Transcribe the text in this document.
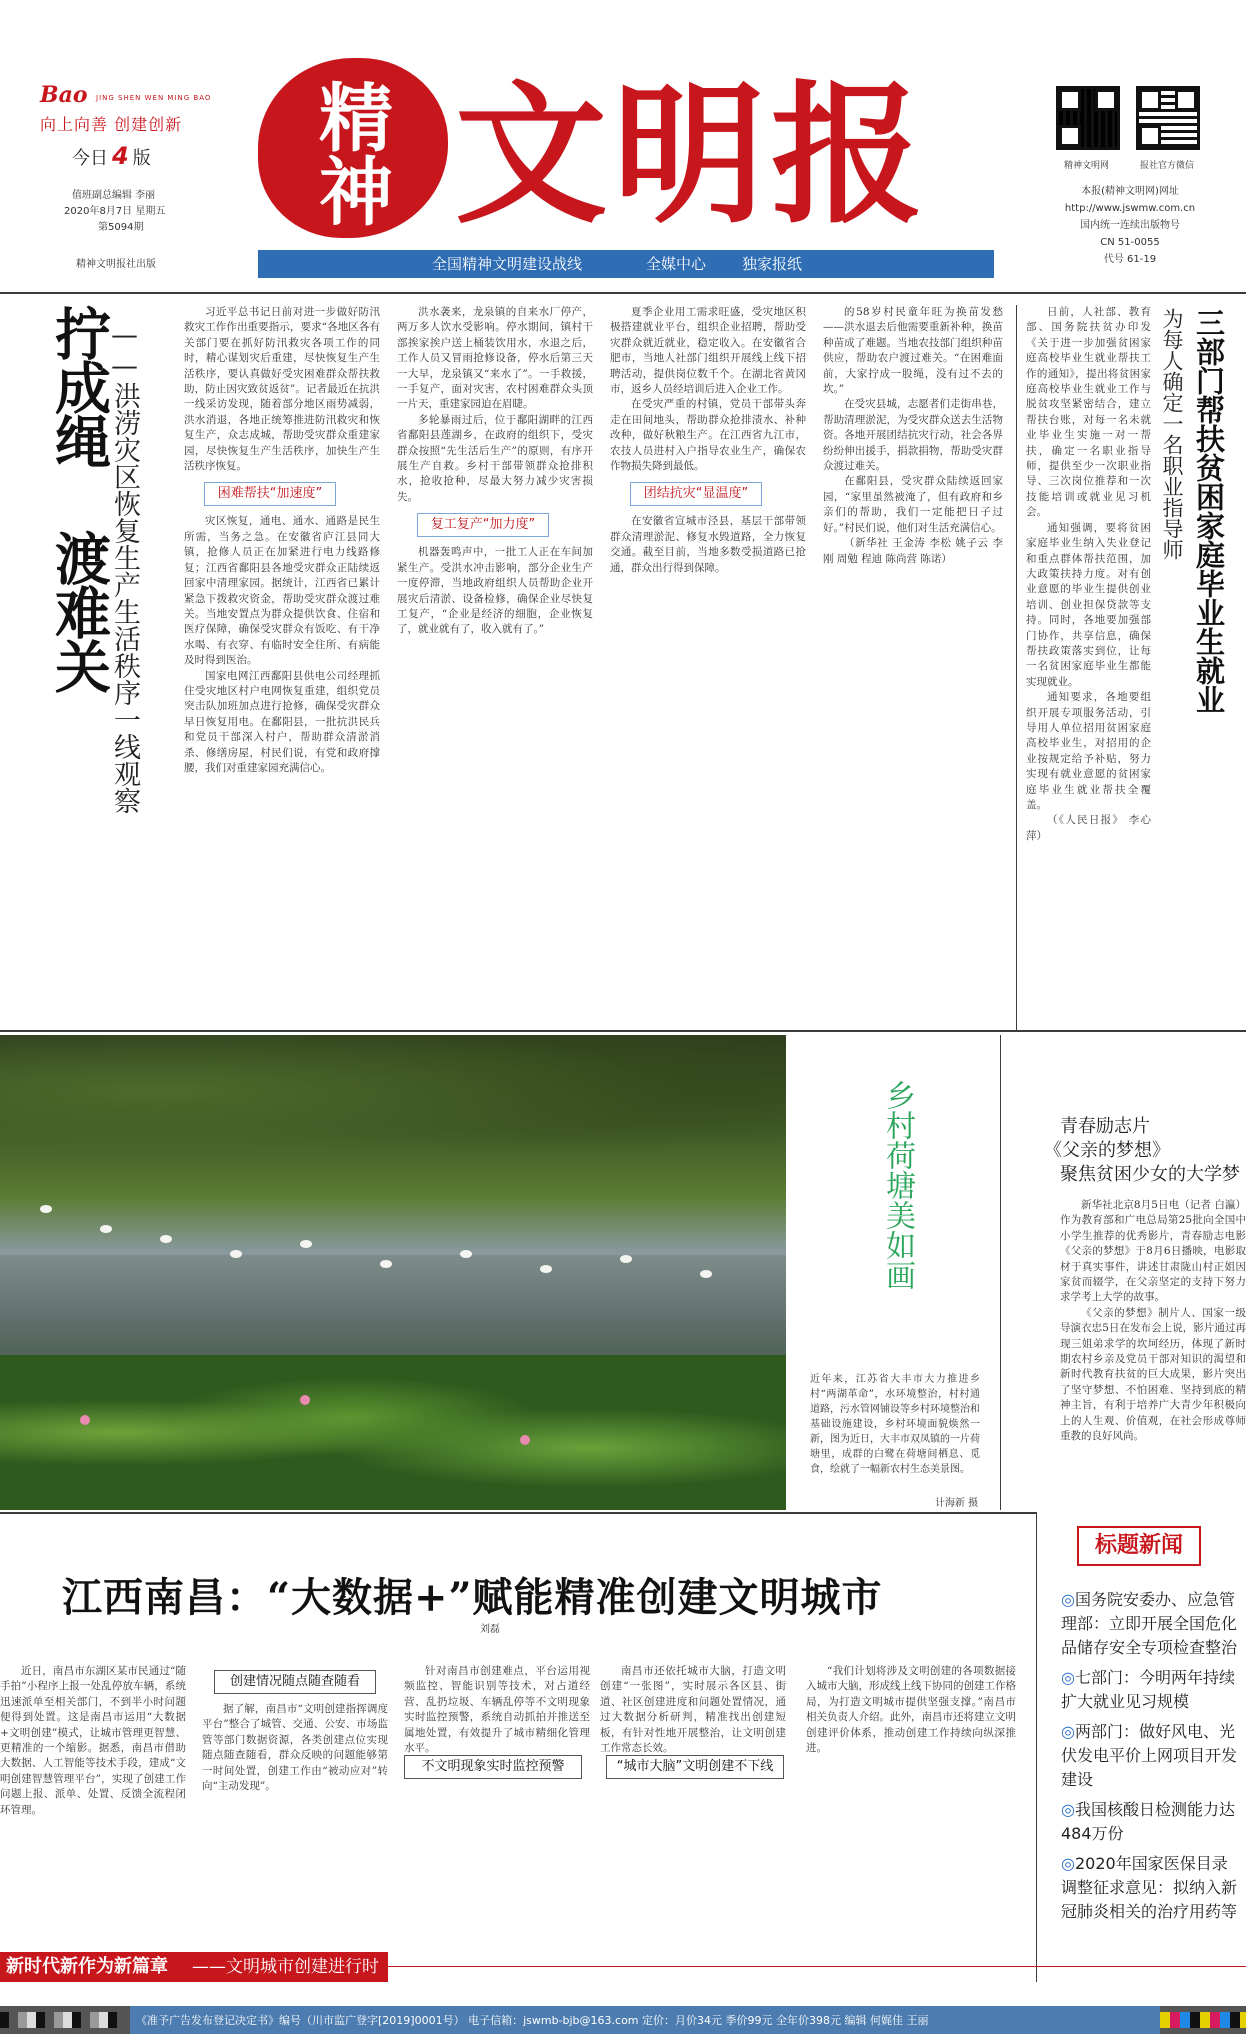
Bao JING SHEN WEN MING BAO
向上向善 创建创新
今日 4 版
值班副总编辑 李丽
2020年8月7日 星期五
第5094期
精神文明报社出版
精神 文明报	精神文明网	报社官方微信
本报(精神文明网)网址
http://www.jswmw.com.cn
国内统一连续出版物号
CN 51-0055
代号 61-19
全国精神文明建设战线	全媒中心 独家报纸
拧成绳 渡难关
——洪涝灾区恢复生产生活秩序一线观察

习近平总书记日前对进一步做好防汛救灾工作作出重要指示，要求“各地区各有关部门要在抓好防汛救灾各项工作的同时，精心谋划灾后重建，尽快恢复生产生活秩序，要认真做好受灾困难群众帮扶救助，防止因灾致贫返贫”。记者最近在抗洪一线采访发现，随着部分地区雨势减弱，洪水消退，各地正统筹推进防汛救灾和恢复生产，众志成城，帮助受灾群众重建家园，尽快恢复生产生活秩序，加快生产生活秩序恢复。

困难帮扶“加速度”

灾区恢复，通电、通水、通路是民生所需，当务之急。在安徽省庐江县同大镇，抢修人员正在加紧进行电力线路修复；江西省鄱阳县各地受灾群众正陆续返回家中清理家园。据统计，江西省已累计紧急下拨救灾资金，帮助受灾群众渡过难关。当地安置点为群众提供饮食、住宿和医疗保障，确保受灾群众有饭吃、有干净水喝、有衣穿、有临时安全住所、有病能及时得到医治。

国家电网江西鄱阳县供电公司经理抓住受灾地区村户电网恢复重建，组织党员突击队加班加点进行抢修，确保受灾群众早日恢复用电。在鄱阳县，一批抗洪民兵和党员干部深入村户，帮助群众清淤消杀、修缮房屋，村民们说，有党和政府撑腰，我们对重建家园充满信心。

洪水袭来，龙泉镇的自来水厂停产，两万多人饮水受影响。停水期间，镇村干部挨家挨户送上桶装饮用水，水退之后，工作人员又冒雨抢修设备，停水后第三天一大早，龙泉镇又“来水了”。一手救援，一手复产，面对灾害，农村困难群众头顶一片天，重建家园迫在眉睫。

多轮暴雨过后，位于鄱阳湖畔的江西省鄱阳县莲湖乡，在政府的组织下，受灾群众按照“先生活后生产”的原则，有序开展生产自救。乡村干部带领群众抢排积水，抢收抢种，尽最大努力减少灾害损失。

复工复产“加力度”

机器轰鸣声中，一批工人正在车间加紧生产。受洪水冲击影响，部分企业生产一度停滞，当地政府组织人员帮助企业开展灾后清淤、设备检修，确保企业尽快复工复产，“企业是经济的细胞，企业恢复了，就业就有了，收入就有了。”

夏季企业用工需求旺盛，受灾地区积极搭建就业平台，组织企业招聘，帮助受灾群众就近就业，稳定收入。在安徽省合肥市，当地人社部门组织开展线上线下招聘活动，提供岗位数千个。在湖北省黄冈市，返乡人员经培训后进入企业工作。

在受灾严重的村镇，党员干部带头奔走在田间地头，帮助群众抢排渍水、补种改种，做好秋粮生产。在江西省九江市，农技人员进村入户指导农业生产，确保农作物损失降到最低。

团结抗灾“显温度”

在安徽省宣城市泾县，基层干部带领群众清理淤泥、修复水毁道路，全力恢复交通。截至目前，当地多数受损道路已抢通，群众出行得到保障。

的58岁村民童年旺为换苗发愁——洪水退去后他需要重新补种，换苗种苗成了难题。当地农技部门组织种苗供应，帮助农户渡过难关。“在困难面前，大家拧成一股绳，没有过不去的坎。”

在受灾县城，志愿者们走街串巷，帮助清理淤泥，为受灾群众送去生活物资。各地开展团结抗灾行动，社会各界纷纷伸出援手，捐款捐物，帮助受灾群众渡过难关。

在鄱阳县，受灾群众陆续返回家园，“家里虽然被淹了，但有政府和乡亲们的帮助，我们一定能把日子过好。”村民们说，他们对生活充满信心。

（新华社 王金涛 李松 姚子云 李刚 周勉 程迪 陈尚营 陈诺）

日前，人社部、教育部、国务院扶贫办印发《关于进一步加强贫困家庭高校毕业生就业帮扶工作的通知》，提出将贫困家庭高校毕业生就业工作与脱贫攻坚紧密结合，建立帮扶台账，对每一名未就业毕业生实施一对一帮扶，确定一名职业指导师，提供至少一次职业指导、三次岗位推荐和一次技能培训或就业见习机会。

通知强调，要将贫困家庭毕业生纳入失业登记和重点群体帮扶范围，加大政策扶持力度。对有创业意愿的毕业生提供创业培训、创业担保贷款等支持。同时，各地要加强部门协作，共享信息，确保帮扶政策落实到位，让每一名贫困家庭毕业生都能实现就业。

通知要求，各地要组织开展专项服务活动，引导用人单位招用贫困家庭高校毕业生，对招用的企业按规定给予补贴，努力实现有就业意愿的贫困家庭毕业生就业帮扶全覆盖。

（《人民日报》 李心萍）

为每人确定一名职业指导师 三部门帮扶贫困家庭毕业生就业
乡村荷塘美如画
近年来，江苏省大丰市大力推进乡村“两湖革命”，水环境整治，村村通道路，污水管网铺设等乡村环境整治和基础设施建设，乡村环境面貌焕然一新，图为近日，大丰市双凤镇的一片荷塘里，成群的白鹭在荷塘间栖息、觅食，绘就了一幅新农村生态美景图。
计海新 摄
青春励志片
《父亲的梦想》
聚焦贫困少女的大学梦

新华社北京8月5日电（记者 白瀛）作为教育部和广电总局第25批向全国中小学生推荐的优秀影片，青春励志电影《父亲的梦想》于8月6日播映，电影取材于真实事件，讲述甘肃陇山村正姐因家贫而辍学，在父亲坚定的支持下努力求学考上大学的故事。

《父亲的梦想》制片人、国家一级导演衣忠5日在发布会上说，影片通过再现三姐弟求学的坎坷经历，体现了新时期农村乡亲及党员干部对知识的渴望和新时代教育扶贫的巨大成果，影片突出了坚守梦想、不怕困难、坚持到底的精神主旨，有利于培养广大青少年积极向上的人生观、价值观，在社会形成尊师重教的良好风尚。

标题新闻
◎国务院安委办、应急管理部：立即开展全国危化品储存安全专项检查整治
◎七部门：今明两年持续扩大就业见习规模
◎两部门：做好风电、光伏发电平价上网项目开发建设
◎我国核酸日检测能力达484万份
◎2020年国家医保目录调整征求意见：拟纳入新冠肺炎相关的治疗用药等
江西南昌：“大数据+”赋能精准创建文明城市
刘磊

近日，南昌市东湖区某市民通过“随手拍”小程序上报一处乱停放车辆，系统迅速派单至相关部门，不到半小时问题便得到处置。这是南昌市运用“大数据+文明创建”模式，让城市管理更智慧、更精准的一个缩影。据悉，南昌市借助大数据、人工智能等技术手段，建成“文明创建智慧管理平台”，实现了创建工作问题上报、派单、处置、反馈全流程闭环管理。

创建情况随点随查随看

据了解，南昌市“文明创建指挥调度平台”整合了城管、交通、公安、市场监管等部门数据资源，各类创建点位实现随点随查随看，群众反映的问题能够第一时间处置，创建工作由“被动应对”转向“主动发现”。

针对南昌市创建难点，平台运用视频监控、智能识别等技术，对占道经营、乱扔垃圾、车辆乱停等不文明现象实时监控预警，系统自动抓拍并推送至属地处置，有效提升了城市精细化管理水平。

不文明现象实时监控预警

南昌市还依托城市大脑，打造文明创建“一张图”，实时展示各区县、街道、社区创建进度和问题处置情况，通过大数据分析研判，精准找出创建短板，有针对性地开展整治，让文明创建工作常态长效。

“城市大脑”文明创建不下线

“我们计划将涉及文明创建的各项数据接入城市大脑，形成线上线下协同的创建工作格局，为打造文明城市提供坚强支撑。”南昌市相关负责人介绍。此外，南昌市还将建立文明创建评价体系，推动创建工作持续向纵深推进。

新时代新作为新篇章 ——文明城市创建进行时
《准予广告发布登记决定书》编号（川市监广登字[2019]0001号） 电子信箱：jswmb-bjb@163.com 定价：月价34元 季价99元 全年价398元 编辑 何娓佳 王丽
